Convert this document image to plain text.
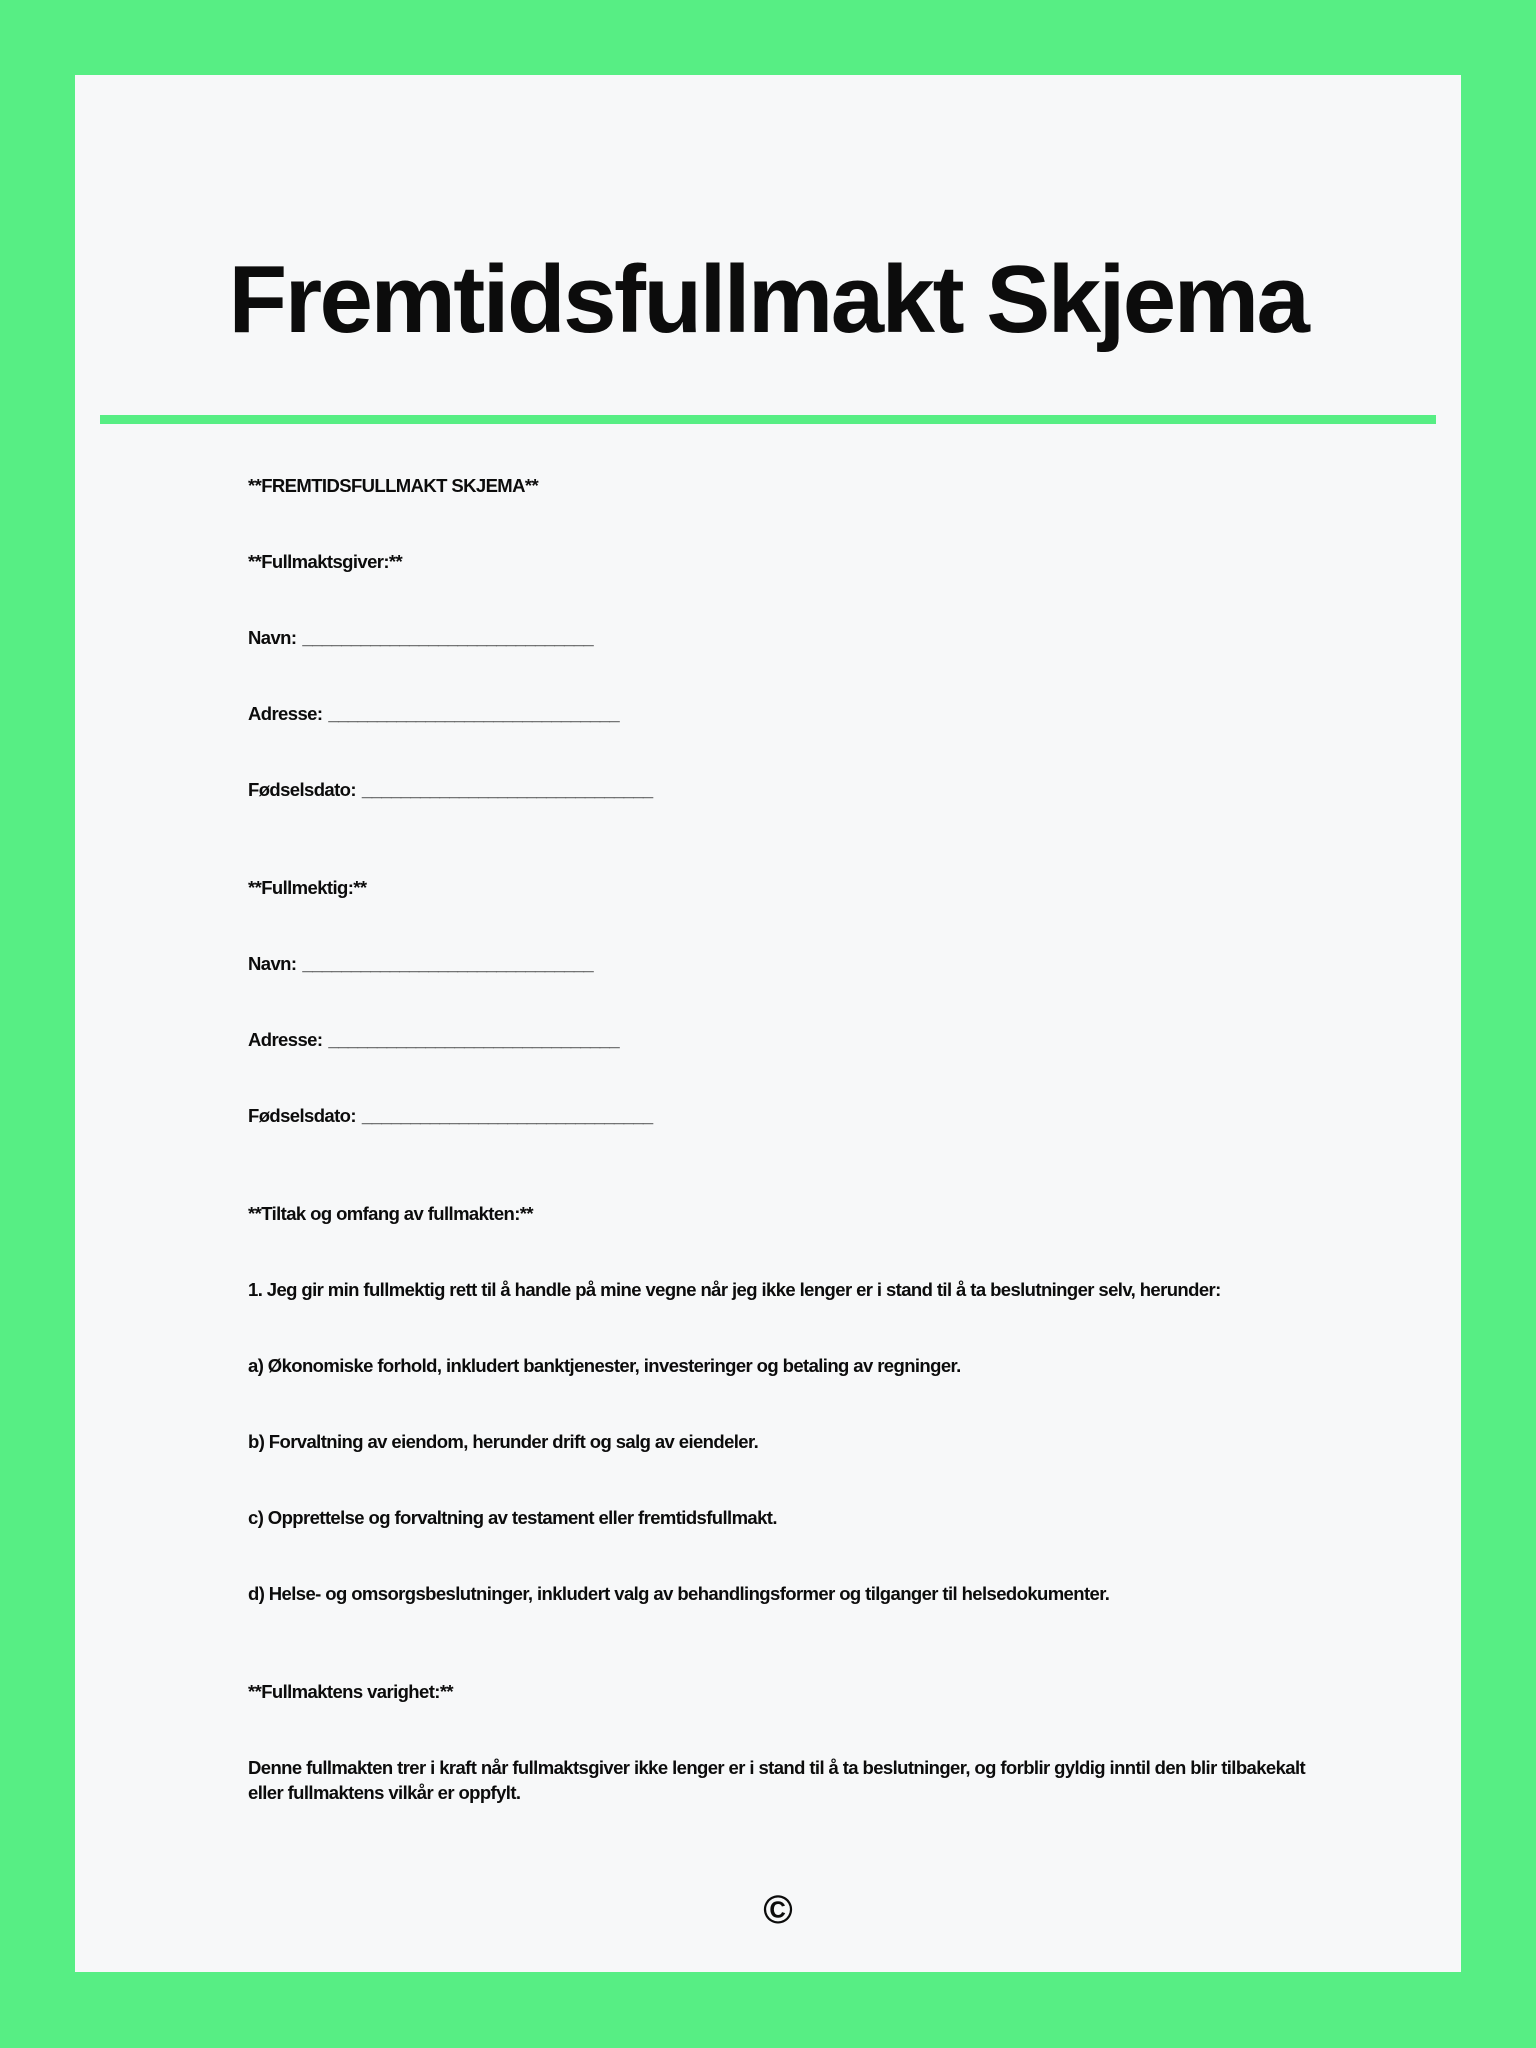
Fremtidsfullmakt Skjema

**FREMTIDSFULLMAKT SKJEMA**

**Fullmaktsgiver:**

Navn: ______________________________

Adresse: ______________________________

Fødselsdato: ______________________________

**Fullmektig:**

Navn: ______________________________

Adresse: ______________________________

Fødselsdato: ______________________________

**Tiltak og omfang av fullmakten:**

1. Jeg gir min fullmektig rett til å handle på mine vegne når jeg ikke lenger er i stand til å ta beslutninger selv, herunder:

a) Økonomiske forhold, inkludert banktjenester, investeringer og betaling av regninger.

b) Forvaltning av eiendom, herunder drift og salg av eiendeler.

c) Opprettelse og forvaltning av testament eller fremtidsfullmakt.

d) Helse- og omsorgsbeslutninger, inkludert valg av behandlingsformer og tilganger til helsedokumenter.

**Fullmaktens varighet:**

Denne fullmakten trer i kraft når fullmaktsgiver ikke lenger er i stand til å ta beslutninger, og forblir gyldig inntil den blir tilbakekalt eller fullmaktens vilkår er oppfylt.

©
